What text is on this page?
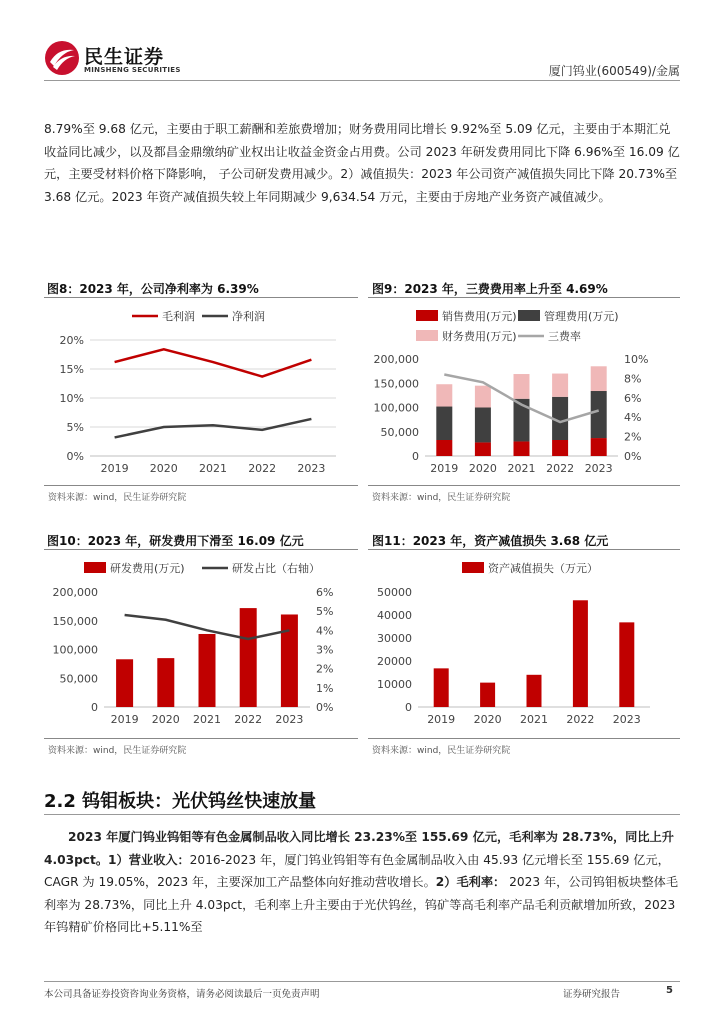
民生证券
MINSHENG SECURITIES	厦门钨业(600549)/金属
8.79%至 9.68 亿元，主要由于职工薪酬和差旅费增加；财务费用同比增长 9.92%至 5.09 亿元，主要由于本期汇兑收益同比减少，以及都昌金鼎缴纳矿业权出让收益金资金占用费。公司 2023 年研发费用同比下降 6.96%至 16.09 亿元，主要受材料价格下降影响， 子公司研发费用减少。2）减值损失：2023 年公司资产减值损失同比下降 20.73%至 3.68 亿元。2023 年资产减值损失较上年同期减少 9,634.54 万元，主要由于房地产业务资产减值减少。
图8：2023 年，公司净利率为 6.39%
0%
5%
10%
15%
20%
2019 2020 2021 2022 2023
毛利润	净利润
资料来源：wind，民生证券研究院
图9：2023 年，三费费用率上升至 4.69%
0
50,000
100,000
150,000
200,000
0%
2%
4%
6%
8%
10%
2019 2020 2021 2022 2023
销售费用(万元) 管理费用(万元)
财务费用(万元)	三费率
资料来源：wind，民生证券研究院
图10：2023 年，研发费用下滑至 16.09 亿元
0
50,000
100,000
150,000
200,000
0%
1%
2%
3%
4%
5%
6%
2019 2020 2021 2022 2023
研发费用(万元)	研发占比（右轴）
资料来源：wind，民生证券研究院
图11：2023 年，资产减值损失 3.68 亿元
0
10000
20000
30000
40000
50000
2019 2020 2021 2022 2023
资产减值损失（万元）
资料来源：wind，民生证券研究院
2.2 钨钼板块：光伏钨丝快速放量
2023 年厦门钨业钨钼等有色金属制品收入同比增长 23.23%至 155.69 亿元，毛利率为 28.73%，同比上升 4.03pct。1）营业收入：2016-2023 年，厦门钨业钨钼等有色金属制品收入由 45.93 亿元增长至 155.69 亿元，CAGR 为 19.05%，2023 年，主要深加工产品整体向好推动营收增长。2）毛利率： 2023 年，公司钨钼板块整体毛利率为 28.73%，同比上升 4.03pct，毛利率上升主要由于光伏钨丝，钨矿等高毛利率产品毛利贡献增加所致，2023 年钨精矿价格同比+5.11%至
本公司具备证券投资咨询业务资格，请务必阅读最后一页免责声明	证券研究报告	5
